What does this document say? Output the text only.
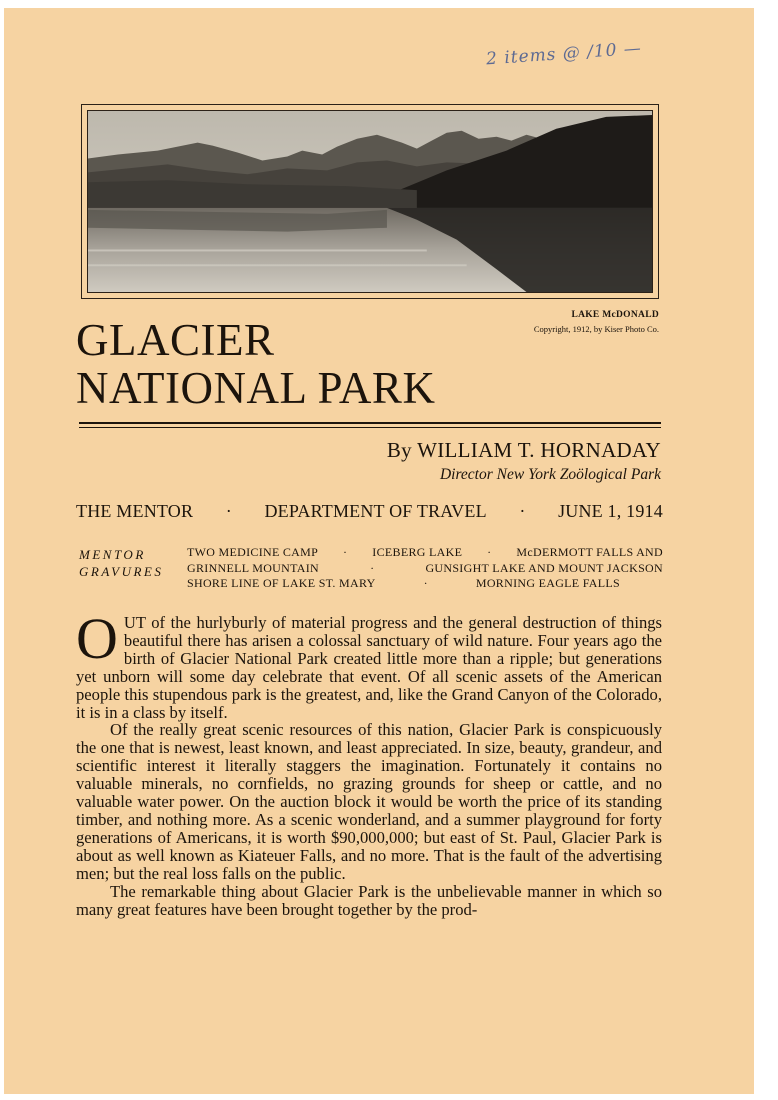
2 items @ /10 —
LAKE McDONALD
Copyright, 1912, by Kiser Photo Co.
GLACIER
NATIONAL PARK
By WILLIAM T. HORNADAY
Director New York Zoölogical Park
THE MENTOR · DEPARTMENT OF TRAVEL · JUNE 1, 1914
MENTOR
GRAVURES
TWO MEDICINE CAMP · ICEBERG LAKE · McDERMOTT FALLS AND
GRINNELL MOUNTAIN	·	GUNSIGHT LAKE AND MOUNT JACKSON
SHORE LINE OF LAKE ST. MARY	·	MORNING EAGLE FALLS

OUT of the hurlyburly of material progress and the general destruction of things beautiful there has arisen a colossal sanctuary of wild nature. Four years ago the birth of Glacier National Park created little more than a ripple; but generations yet unborn will some day celebrate that event. Of all scenic assets of the American people this stupendous park is the greatest, and, like the Grand Canyon of the Colorado, it is in a class by itself.

Of the really great scenic resources of this nation, Glacier Park is conspicuously the one that is newest, least known, and least appreciated. In size, beauty, grandeur, and scientific interest it literally staggers the imagination. Fortunately it contains no valuable minerals, no cornfields, no grazing grounds for sheep or cattle, and no valuable water power. On the auction block it would be worth the price of its standing timber, and nothing more. As a scenic wonderland, and a summer playground for forty generations of Americans, it is worth $90,000,000; but east of St. Paul, Glacier Park is about as well known as Kiateuer Falls, and no more. That is the fault of the advertising men; but the real loss falls on the public.

The remarkable thing about Glacier Park is the unbelievable manner in which so many great features have been brought together by the prod-
